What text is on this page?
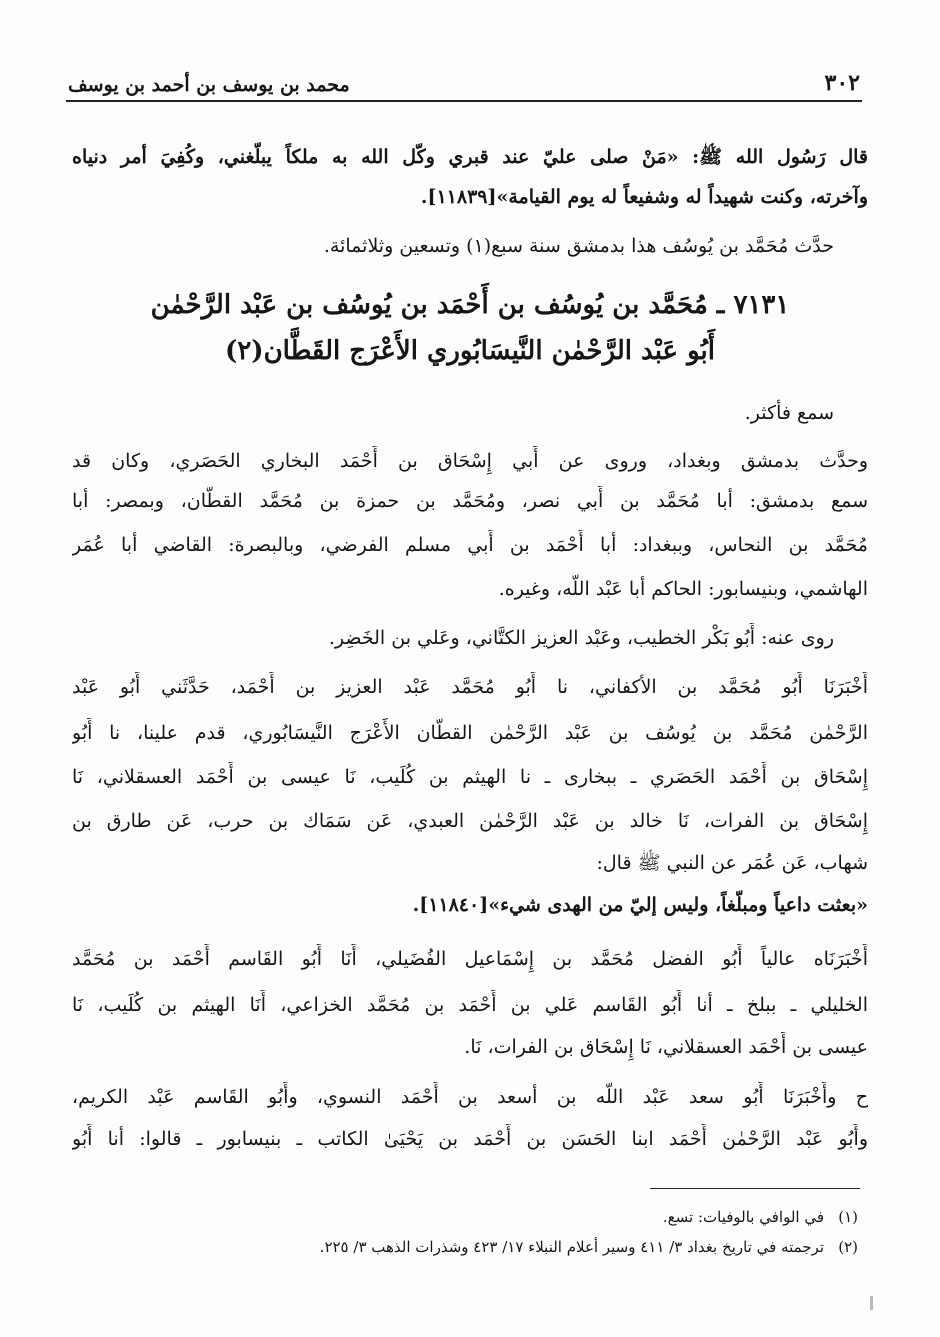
٣٠٢
محمد بن يوسف بن أحمد بن يوسف
قال رَسُول الله ﷺ: «مَنْ صلى عليّ عند قبري وكّل الله به ملكاً يبلّغني، وكُفِيَ أمر دنياه
وآخرته، وكنت شهيداً له وشفيعاً له يوم القيامة»[١١٨٣٩].
حدَّث مُحَمَّد بن يُوسُف هذا بدمشق سنة سبع(١) وتسعين وثلاثمائة.
٧١٣١ ـ مُحَمَّد بن يُوسُف بن أَحْمَد بن يُوسُف بن عَبْد الرَّحْمٰن
أَبُو عَبْد الرَّحْمٰن النَّيسَابُوري الأَعْرَج القَطَّان(٢)
سمع فأكثر.
وحدَّث بدمشق وبغداد، وروى عن أَبي إِسْحَاق بن أَحْمَد البخاري الحَصَري، وكان قد
سمع بدمشق: أبا مُحَمَّد بن أَبي نصر، ومُحَمَّد بن حمزة بن مُحَمَّد القطَّان، وبمصر: أبا
مُحَمَّد بن النحاس، وببغداد: أبا أَحْمَد بن أَبي مسلم الفرضي، وبالبصرة: القاضي أبا عُمَر
الهاشمي، وبنيسابور: الحاكم أبا عَبْد اللَّه، وغيره.
روى عنه: أَبُو بَكْر الخطيب، وعَبْد العزيز الكتَّاني، وعَلي بن الخَضِر.
أَخْبَرَنَا أَبُو مُحَمَّد بن الأكفاني، نا أَبُو مُحَمَّد عَبْد العزيز بن أَحْمَد، حَدَّثَني أَبُو عَبْد
الرَّحْمٰن مُحَمَّد بن يُوسُف بن عَبْد الرَّحْمٰن القطَّان الأَعْرَج النَّيسَابُوري، قدم علينا، نا أَبُو
إِسْحَاق بن أَحْمَد الحَصَري ـ ببخارى ـ نا الهيثم بن كُلَيب، نَا عيسى بن أَحْمَد العسقلاني، نَا
إِسْحَاق بن الفرات، نَا خالد بن عَبْد الرَّحْمٰن العبدي، عَن سَمَاك بن حرب، عَن طارق بن
شهاب، عَن عُمَر عن النبي ﷺ قال:
«بعثت داعياً ومبلّغاً، وليس إليّ من الهدى شيء»[١١٨٤٠].
أَخْبَرَنَاه عالياً أَبُو الفضل مُحَمَّد بن إِسْمَاعيل الفُضَيلي، أَنَا أَبُو القَاسم أَحْمَد بن مُحَمَّد
الخليلي ـ ببلخ ـ أنا أَبُو القَاسم عَلي بن أَحْمَد بن مُحَمَّد الخزاعي، أَنَا الهيثم بن كُلَيب، نَا
عيسى بن أَحْمَد العسقلاني، نَا إِسْحَاق بن الفرات، نَا.
ح وأَخْبَرَنَا أَبُو سعد عَبْد اللَّه بن أسعد بن أَحْمَد النسوي، وأَبُو القَاسم عَبْد الكريم،
وأَبُو عَبْد الرَّحْمٰن أَحْمَد ابنا الحَسَن بن أَحْمَد بن يَحْيَىٰ الكاتب ـ بنيسابور ـ قالوا: أنا أَبُو
(١)في الوافي بالوفيات: تسع.
(٢)ترجمته في تاريخ بغداد ٣/ ٤١١ وسير أعلام النبلاء ١٧/ ٤٢٣ وشذرات الذهب ٣/ ٢٢٥.
